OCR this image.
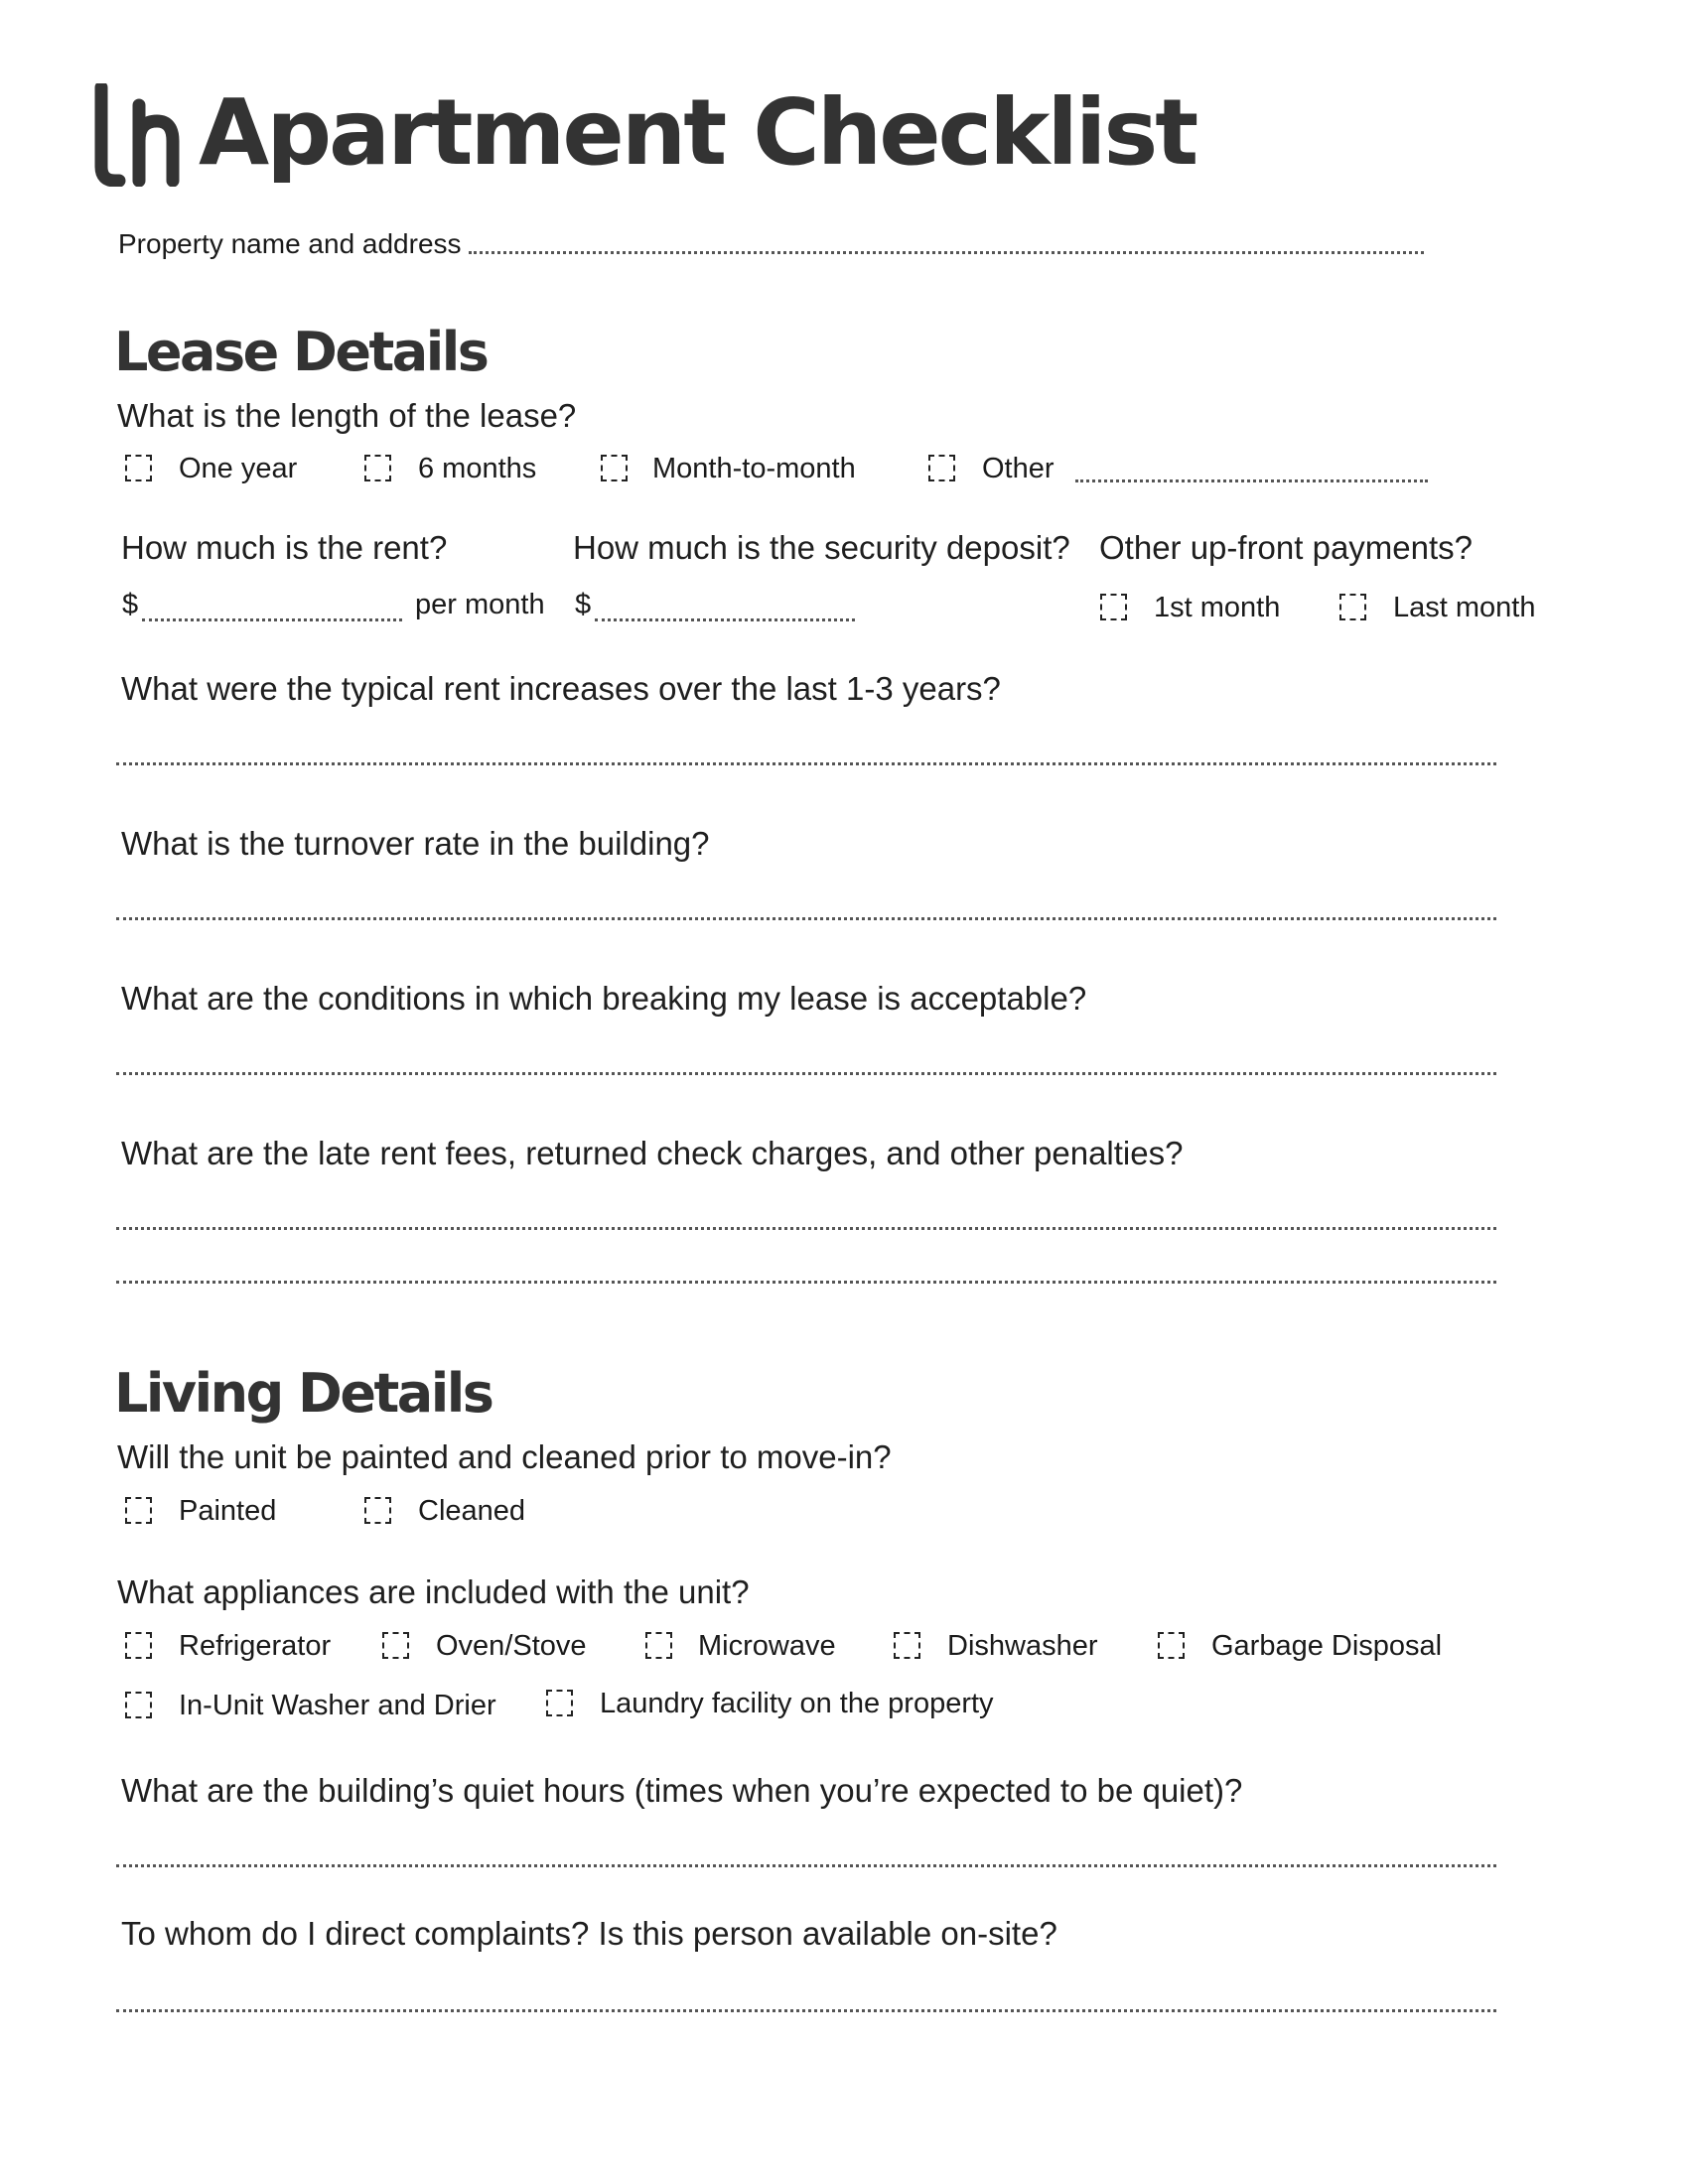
Apartment Checklist
Property name and address
Lease Details
What is the length of the lease?
One year	6 months	Month-to-month	Other
How much is the rent?
$	per month
How much is the security deposit?
$
Other up-front payments?
1st month	Last month
What were the typical rent increases over the last 1-3 years?
What is the turnover rate in the building?
What are the conditions in which breaking my lease is acceptable?
What are the late rent fees, returned check charges, and other penalties?
Living Details
Will the unit be painted and cleaned prior to move-in?
Painted	Cleaned
What appliances are included with the unit?
Refrigerator	Oven/Stove	Microwave	Dishwasher	Garbage Disposal
In-Unit Washer and Drier	Laundry facility on the property
What are the building’s quiet hours (times when you’re expected to be quiet)?
To whom do I direct complaints? Is this person available on-site?
